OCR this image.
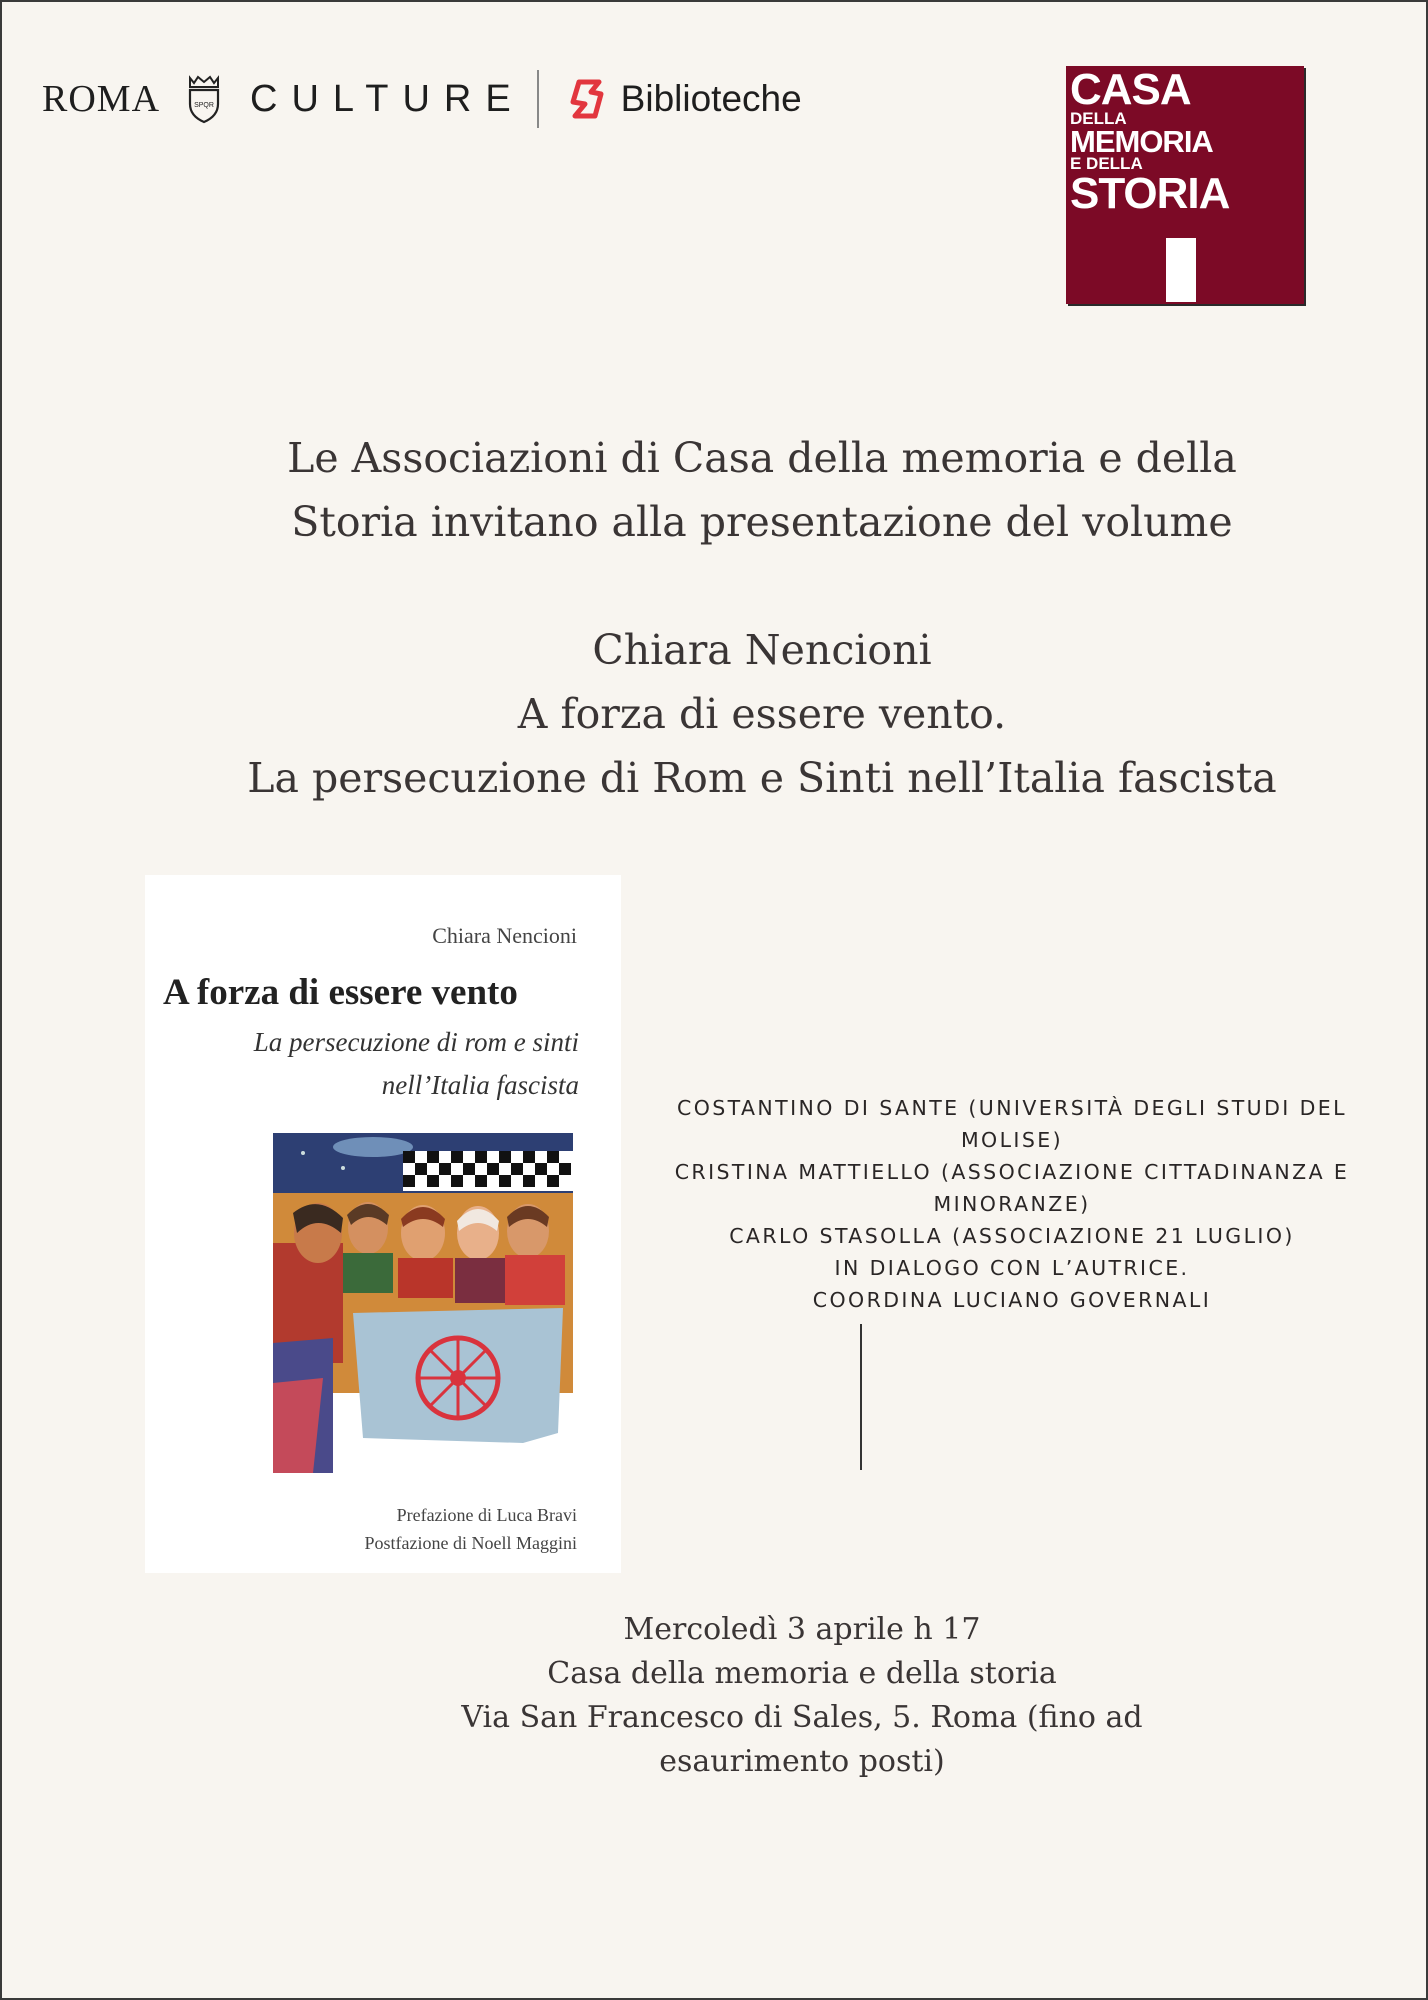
ROMA	SPQR CULTURE	Biblioteche	CASA
DELLA
MEMORIA
E DELLA
STORIA
Le Associazioni di Casa della memoria e della
Storia invitano alla presentazione del volume
Chiara Nencioni
A forza di essere vento.
La persecuzione di Rom e Sinti nell’Italia fascista
Chiara Nencioni
A forza di essere vento
La persecuzione di rom e sinti
nell’Italia fascista
Prefazione di Luca Bravi
Postfazione di Noell Maggini
COSTANTINO DI SANTE (UNIVERSITÀ DEGLI STUDI DEL
MOLISE)
CRISTINA MATTIELLO (ASSOCIAZIONE CITTADINANZA E
MINORANZE)
CARLO STASOLLA (ASSOCIAZIONE 21 LUGLIO)
IN DIALOGO CON L’AUTRICE.
COORDINA LUCIANO GOVERNALI
Mercoledì 3 aprile h 17
Casa della memoria e della storia
Via San Francesco di Sales, 5. Roma (fino ad
esaurimento posti)
